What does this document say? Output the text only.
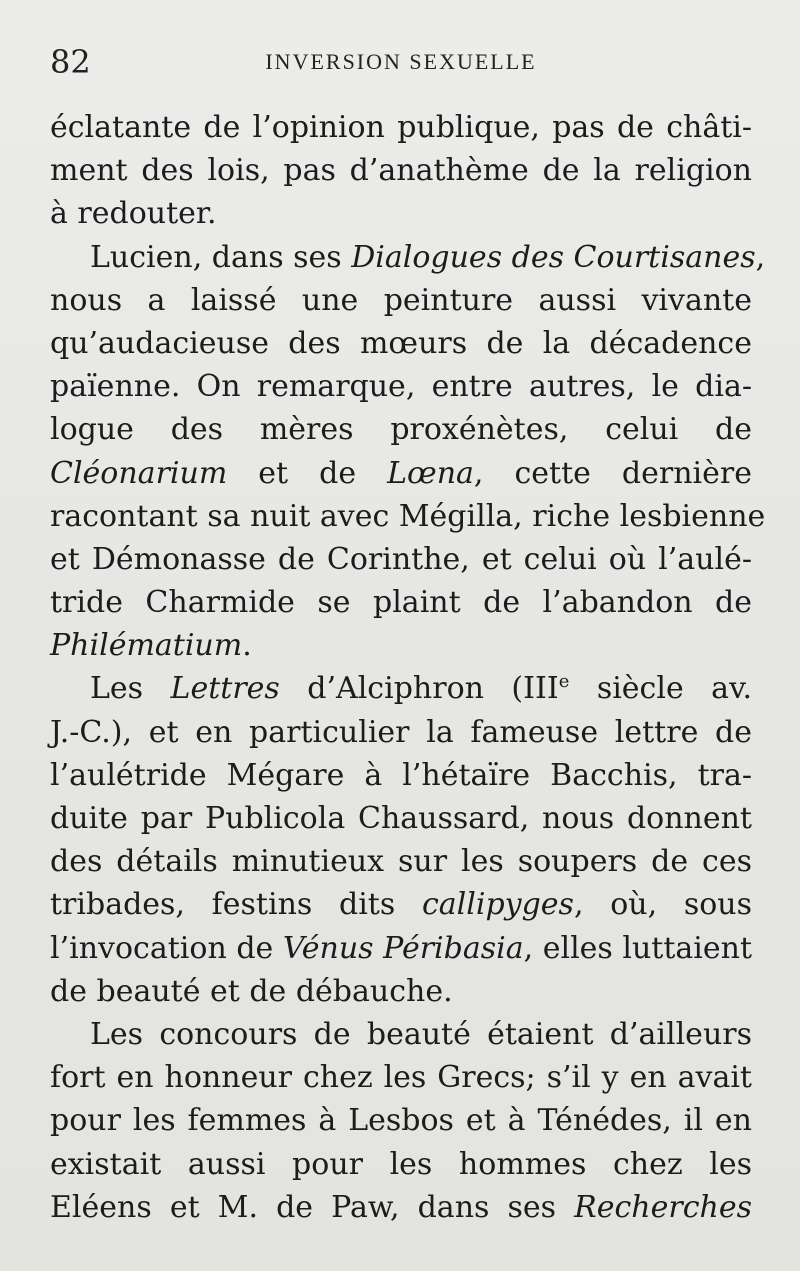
82	INVERSION SEXUELLE
éclatante de l’opinion publique, pas de châti-
ment des lois, pas d’anathème de la religion
à redouter.
Lucien, dans ses Dialogues des Courtisanes,
nous a laissé une peinture aussi vivante
qu’audacieuse des mœurs de la décadence
païenne. On remarque, entre autres, le dia-
logue des mères proxénètes, celui de
Cléonarium et de Lœna, cette dernière
racontant sa nuit avec Mégilla, riche lesbienne
et Démonasse de Corinthe, et celui où l’aulé-
tride Charmide se plaint de l’abandon de
Philématium.
Les Lettres d’Alciphron (IIIe siècle av.
J.-C.), et en particulier la fameuse lettre de
l’aulétride Mégare à l’hétaïre Bacchis, tra-
duite par Publicola Chaussard, nous donnent
des détails minutieux sur les soupers de ces
tribades, festins dits callipyges, où, sous
l’invocation de Vénus Péribasia, elles luttaient
de beauté et de débauche.
Les concours de beauté étaient d’ailleurs
fort en honneur chez les Grecs; s’il y en avait
pour les femmes à Lesbos et à Ténédes, il en
existait aussi pour les hommes chez les
Eléens et M. de Paw, dans ses Recherches
